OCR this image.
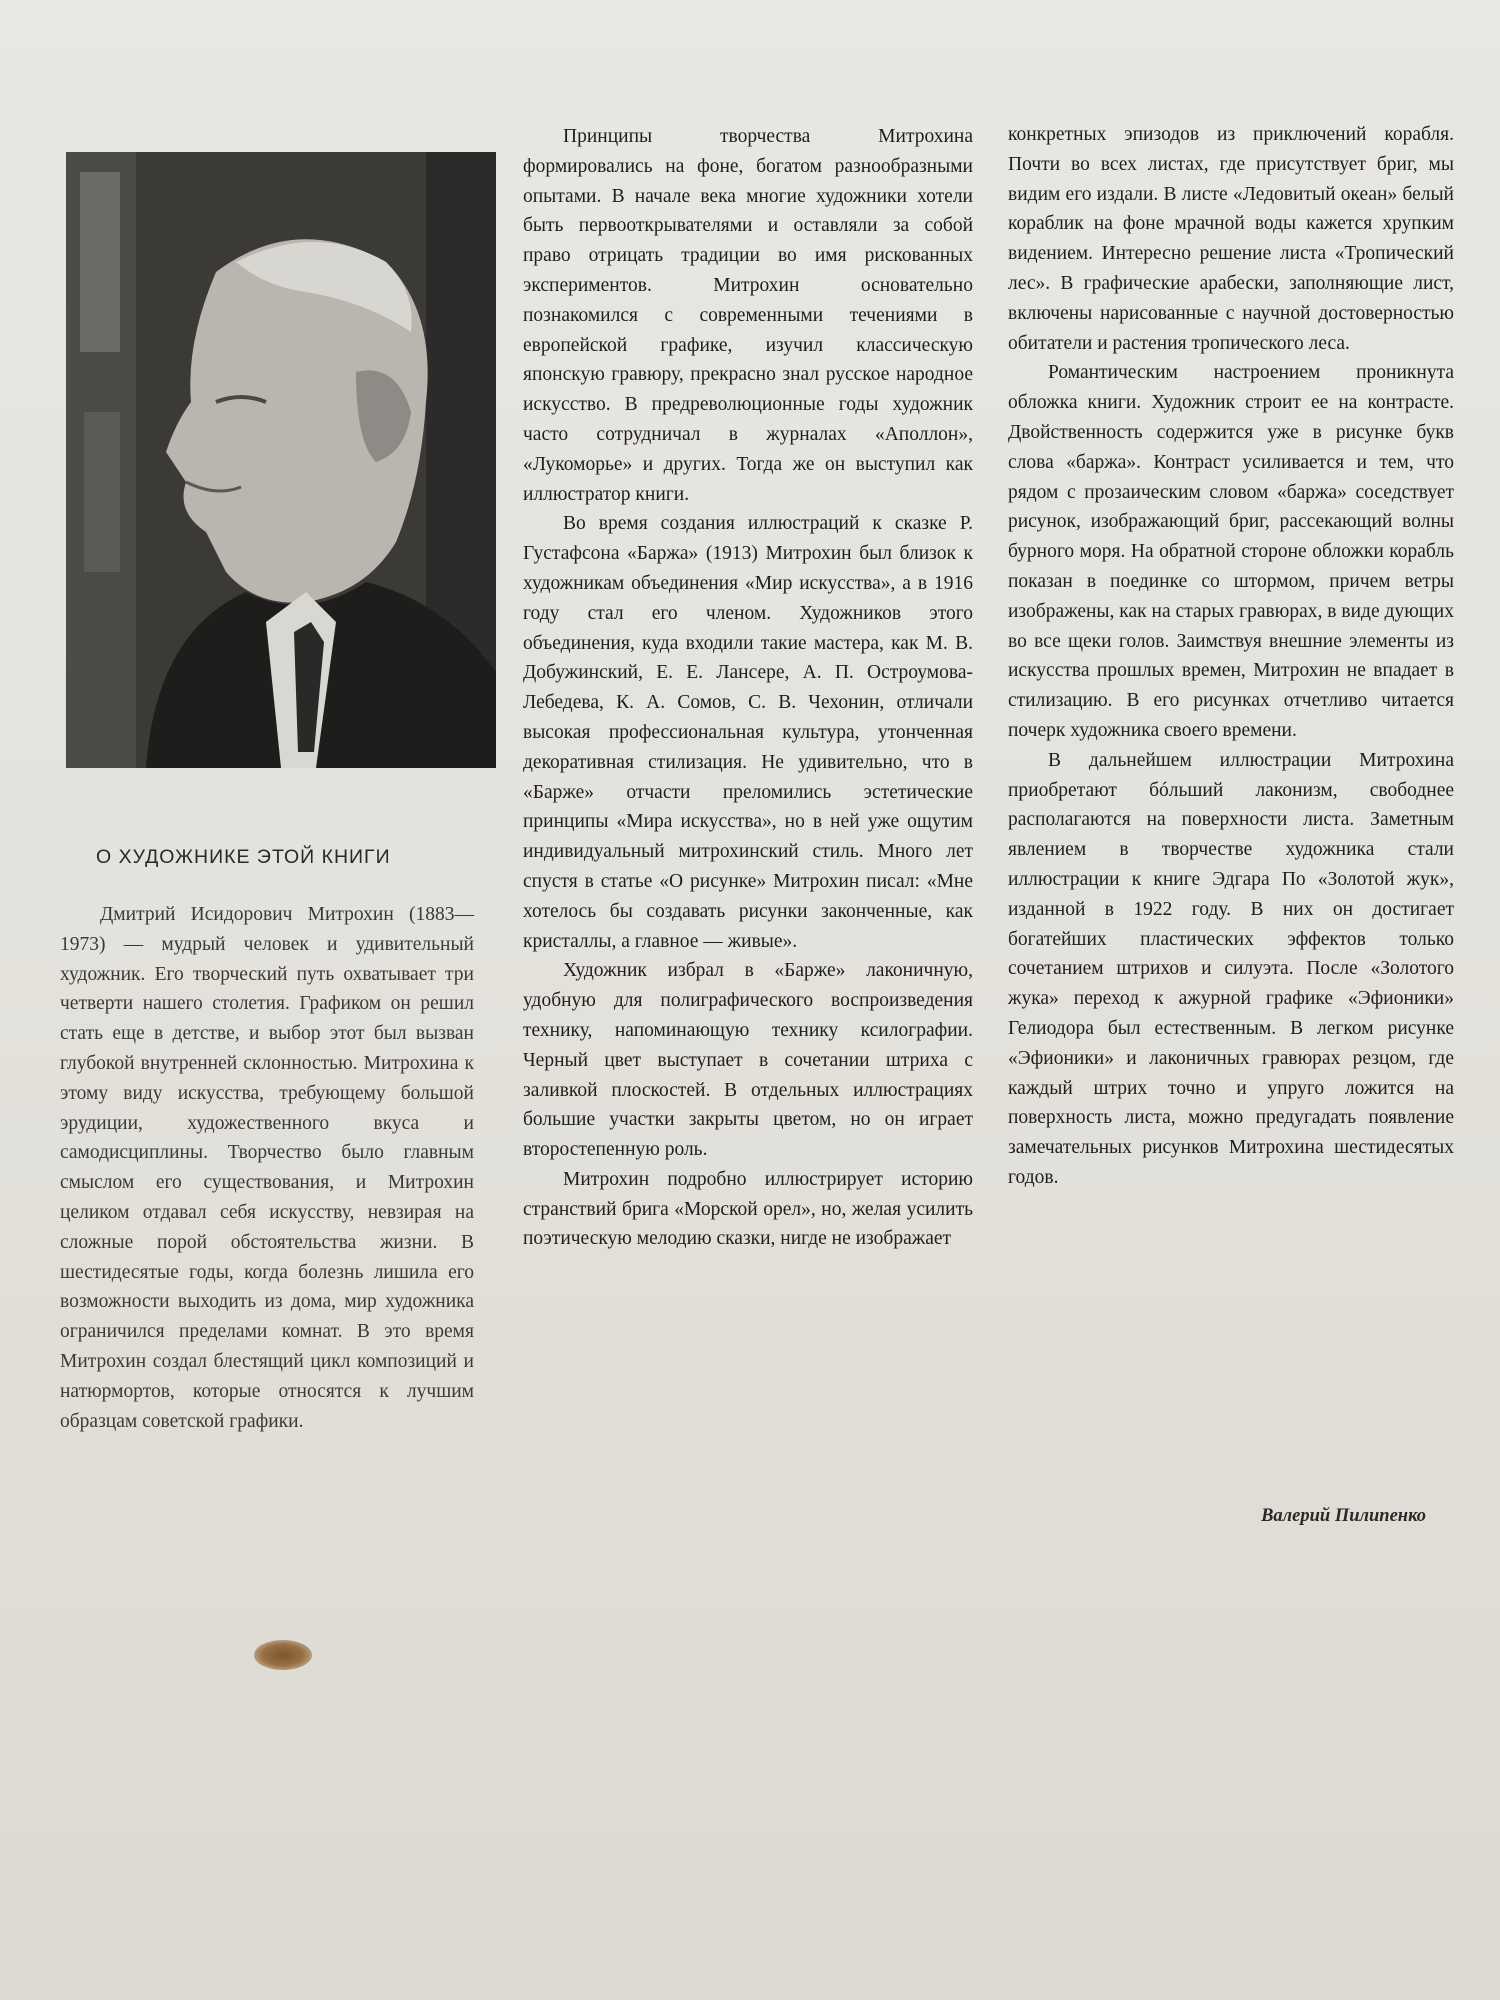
О ХУДОЖНИКЕ ЭТОЙ КНИГИ

Дмитрий Исидорович Митрохин (1883—1973) — мудрый человек и удивительный художник. Его творческий путь охватывает три четверти нашего столетия. Графиком он решил стать еще в детстве, и выбор этот был вызван глубокой внутренней склонностью. Митрохина к этому виду искусства, требующему большой эрудиции, художественного вкуса и самодисциплины. Творчество было главным смыслом его существования, и Митрохин целиком отдавал себя искусству, невзирая на сложные порой обстоятельства жизни. В шестидесятые годы, когда болезнь лишила его возможности выходить из дома, мир художника ограничился пределами комнат. В это время Митрохин создал блестящий цикл композиций и натюрмортов, которые относятся к лучшим образцам советской графики.

Принципы творчества Митрохина формировались на фоне, богатом разнообразными опытами. В начале века многие художники хотели быть первооткрывателями и оставляли за собой право отрицать традиции во имя рискованных экспериментов. Митрохин основательно познакомился с современными течениями в европейской графике, изучил классическую японскую гравюру, прекрасно знал русское народное искусство. В предреволюционные годы художник часто сотрудничал в журналах «Аполлон», «Лукоморье» и других. Тогда же он выступил как иллюстратор книги.

Во время создания иллюстраций к сказке Р. Густафсона «Баржа» (1913) Митрохин был близок к художникам объединения «Мир искусства», а в 1916 году стал его членом. Художников этого объединения, куда входили такие мастера, как М. В. Добужинский, Е. Е. Лансере, А. П. Остроумова-Лебедева, К. А. Сомов, С. В. Чехонин, отличали высокая профессиональная культура, утонченная декоративная стилизация. Не удивительно, что в «Барже» отчасти преломились эстетические принципы «Мира искусства», но в ней уже ощутим индивидуальный митрохинский стиль. Много лет спустя в статье «О рисунке» Митрохин писал: «Мне хотелось бы создавать рисунки законченные, как кристаллы, а главное — живые».

Художник избрал в «Барже» лаконичную, удобную для полиграфического воспроизведения технику, напоминающую технику ксилографии. Черный цвет выступает в сочетании штриха с заливкой плоскостей. В отдельных иллюстрациях большие участки закрыты цветом, но он играет второстепенную роль.

Митрохин подробно иллюстрирует историю странствий брига «Морской орел», но, желая усилить поэтическую мелодию сказки, нигде не изображает

конкретных эпизодов из приключений корабля. Почти во всех листах, где присутствует бриг, мы видим его издали. В листе «Ледовитый океан» белый кораблик на фоне мрачной воды кажется хрупким видением. Интересно решение листа «Тропический лес». В графические арабески, заполняющие лист, включены нарисованные с научной достоверностью обитатели и растения тропического леса.

Романтическим настроением проникнута обложка книги. Художник строит ее на контрасте. Двойственность содержится уже в рисунке букв слова «баржа». Контраст усиливается и тем, что рядом с прозаическим словом «баржа» соседствует рисунок, изображающий бриг, рассекающий волны бурного моря. На обратной стороне обложки корабль показан в поединке со штормом, причем ветры изображены, как на старых гравюрах, в виде дующих во все щеки голов. Заимствуя внешние элементы из искусства прошлых времен, Митрохин не впадает в стилизацию. В его рисунках отчетливо читается почерк художника своего времени.

В дальнейшем иллюстрации Митрохина приобретают бóльший лаконизм, свободнее располагаются на поверхности листа. Заметным явлением в творчестве художника стали иллюстрации к книге Эдгара По «Золотой жук», изданной в 1922 году. В них он достигает богатейших пластических эффектов только сочетанием штрихов и силуэта. После «Золотого жука» переход к ажурной графике «Эфионики» Гелиодора был естественным. В легком рисунке «Эфионики» и лаконичных гравюрах резцом, где каждый штрих точно и упруго ложится на поверхность листа, можно предугадать появление замечательных рисунков Митрохина шестидесятых годов.

Валерий Пилипенко
